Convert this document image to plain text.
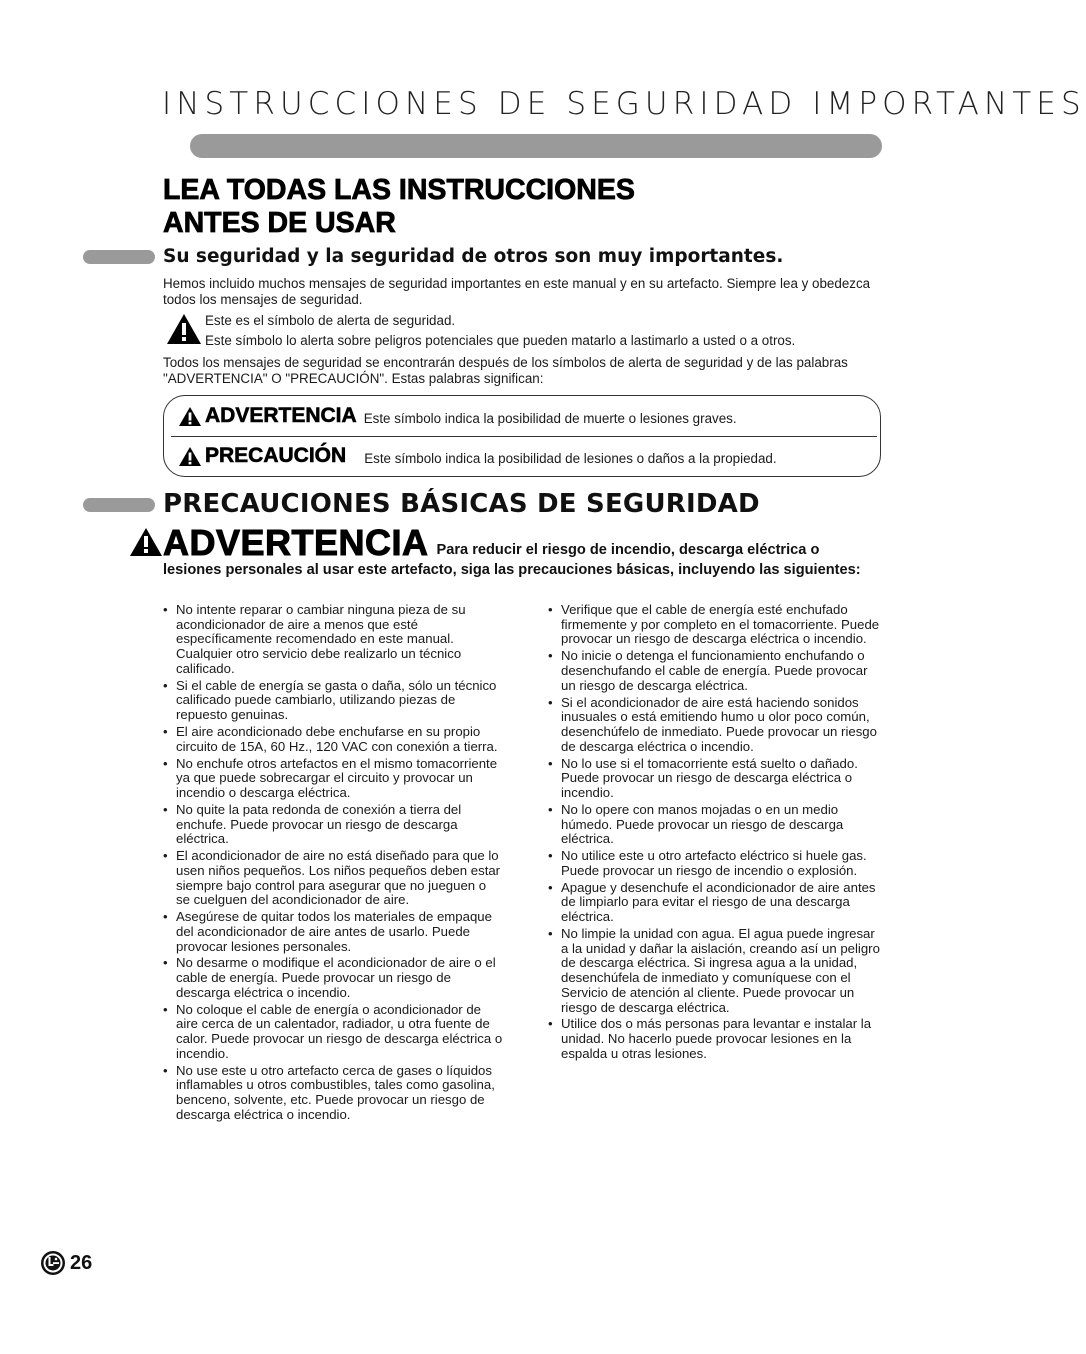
INSTRUCCIONES DE SEGURIDAD IMPORTANTES
LEA TODAS LAS INSTRUCCIONES
ANTES DE USAR
Su seguridad y la seguridad de otros son muy importantes.
Hemos incluido muchos mensajes de seguridad importantes en este manual y en su artefacto. Siempre lea y obedezca todos los mensajes de seguridad.
Este es el símbolo de alerta de seguridad.
Este símbolo lo alerta sobre peligros potenciales que pueden matarlo a lastimarlo a usted o a otros.
Todos los mensajes de seguridad se encontrarán después de los símbolos de alerta de seguridad y de las palabras "ADVERTENCIA" O "PRECAUCIÓN". Estas palabras significan:
ADVERTENCIA Este símbolo indica la posibilidad de muerte o lesiones graves.
PRECAUCIÓN Este símbolo indica la posibilidad de lesiones o daños a la propiedad.
PRECAUCIONES BÁSICAS DE SEGURIDAD
ADVERTENCIA Para reducir el riesgo de incendio, descarga eléctrica o
lesiones personales al usar este artefacto, siga las precauciones básicas, incluyendo las siguientes:
• No intente reparar o cambiar ninguna pieza de su acondicionador de aire a menos que esté específicamente recomendado en este manual. Cualquier otro servicio debe realizarlo un técnico calificado.
• Si el cable de energía se gasta o daña, sólo un técnico calificado puede cambiarlo, utilizando piezas de repuesto genuinas.
• El aire acondicionado debe enchufarse en su propio circuito de 15A, 60 Hz., 120 VAC con conexión a tierra.
• No enchufe otros artefactos en el mismo tomacorriente ya que puede sobrecargar el circuito y provocar un incendio o descarga eléctrica.
• No quite la pata redonda de conexión a tierra del enchufe. Puede provocar un riesgo de descarga eléctrica.
• El acondicionador de aire no está diseñado para que lo usen niños pequeños. Los niños pequeños deben estar siempre bajo control para asegurar que no jueguen o se cuelguen del acondicionador de aire.
• Asegúrese de quitar todos los materiales de empaque del acondicionador de aire antes de usarlo. Puede provocar lesiones personales.
• No desarme o modifique el acondicionador de aire o el cable de energía. Puede provocar un riesgo de descarga eléctrica o incendio.
• No coloque el cable de energía o acondicionador de aire cerca de un calentador, radiador, u otra fuente de calor. Puede provocar un riesgo de descarga eléctrica o incendio.
• No use este u otro artefacto cerca de gases o líquidos inflamables u otros combustibles, tales como gasolina, benceno, solvente, etc. Puede provocar un riesgo de descarga eléctrica o incendio.
• Verifique que el cable de energía esté enchufado firmemente y por completo en el tomacorriente. Puede provocar un riesgo de descarga eléctrica o incendio.
• No inicie o detenga el funcionamiento enchufando o desenchufando el cable de energía. Puede provocar un riesgo de descarga eléctrica.
• Si el acondicionador de aire está haciendo sonidos inusuales o está emitiendo humo u olor poco común, desenchúfelo de inmediato. Puede provocar un riesgo de descarga eléctrica o incendio.
• No lo use si el tomacorriente está suelto o dañado. Puede provocar un riesgo de descarga eléctrica o incendio.
• No lo opere con manos mojadas o en un medio húmedo. Puede provocar un riesgo de descarga eléctrica.
• No utilice este u otro artefacto eléctrico si huele gas. Puede provocar un riesgo de incendio o explosión.
• Apague y desenchufe el acondicionador de aire antes de limpiarlo para evitar el riesgo de una descarga eléctrica.
• No limpie la unidad con agua. El agua puede ingresar a la unidad y dañar la aislación, creando así un peligro de descarga eléctrica. Si ingresa agua a la unidad, desenchúfela de inmediato y comuníquese con el Servicio de atención al cliente. Puede provocar un riesgo de descarga eléctrica.
• Utilice dos o más personas para levantar e instalar la unidad. No hacerlo puede provocar lesiones en la espalda u otras lesiones.
26
